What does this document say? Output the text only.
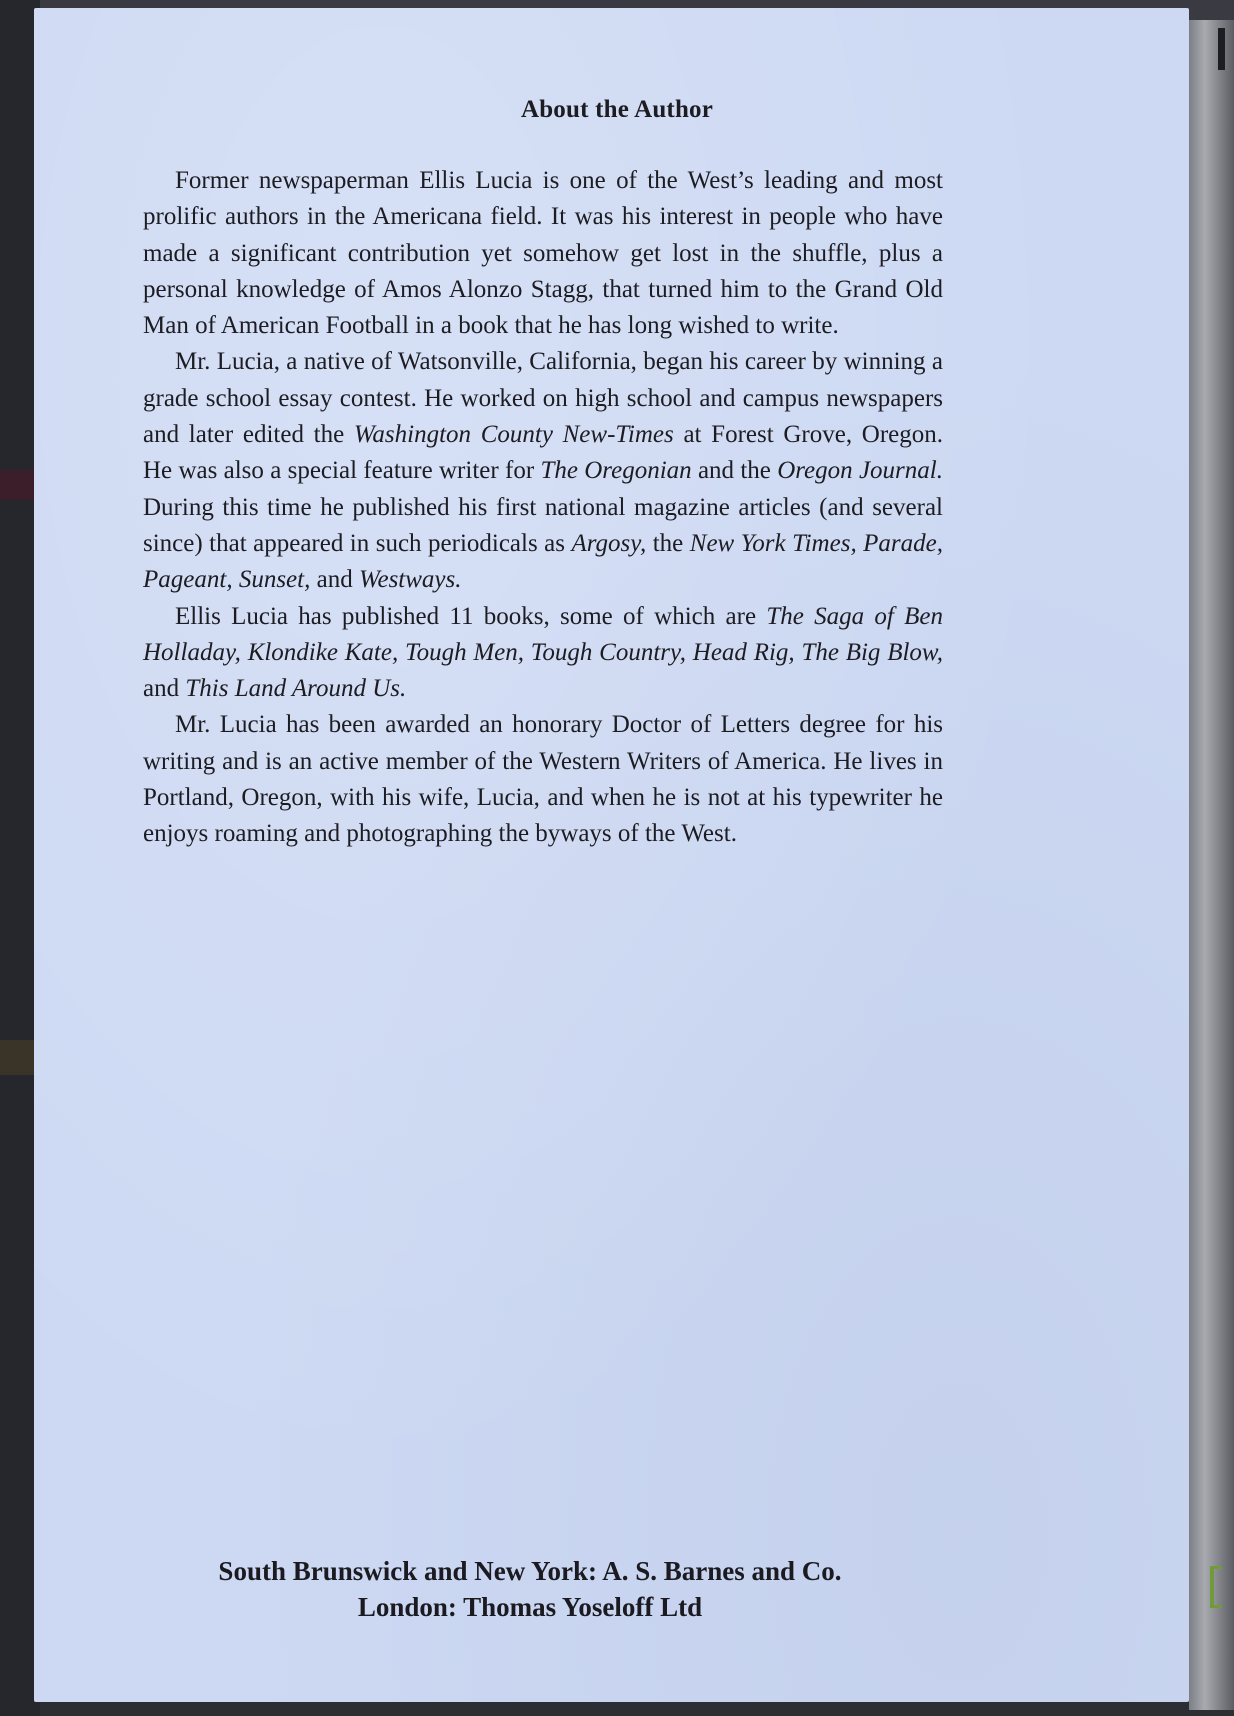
About the Author

Former newspaperman Ellis Lucia is one of the West’s leading and most prolific authors in the Americana field. It was his interest in people who have made a significant contribution yet somehow get lost in the shuffle, plus a personal knowledge of Amos Alonzo Stagg, that turned him to the Grand Old Man of American Football in a book that he has long wished to write.

Mr. Lucia, a native of Watsonville, California, began his career by winning a grade school essay contest. He worked on high school and campus newspapers and later edited the Washington County New-Times at Forest Grove, Oregon. He was also a special feature writer for The Oregonian and the Oregon Journal. During this time he published his first national magazine articles (and several since) that appeared in such periodicals as Argosy, the New York Times, Parade, Pageant, Sunset, and Westways.

Ellis Lucia has published 11 books, some of which are The Saga of Ben Holladay, Klondike Kate, Tough Men, Tough Country, Head Rig, The Big Blow, and This Land Around Us.

Mr. Lucia has been awarded an honorary Doctor of Letters degree for his writing and is an active member of the Western Writers of America. He lives in Portland, Oregon, with his wife, Lucia, and when he is not at his typewriter he enjoys roaming and photographing the byways of the West.

South Brunswick and New York: A. S. Barnes and Co.
London: Thomas Yoseloff Ltd
